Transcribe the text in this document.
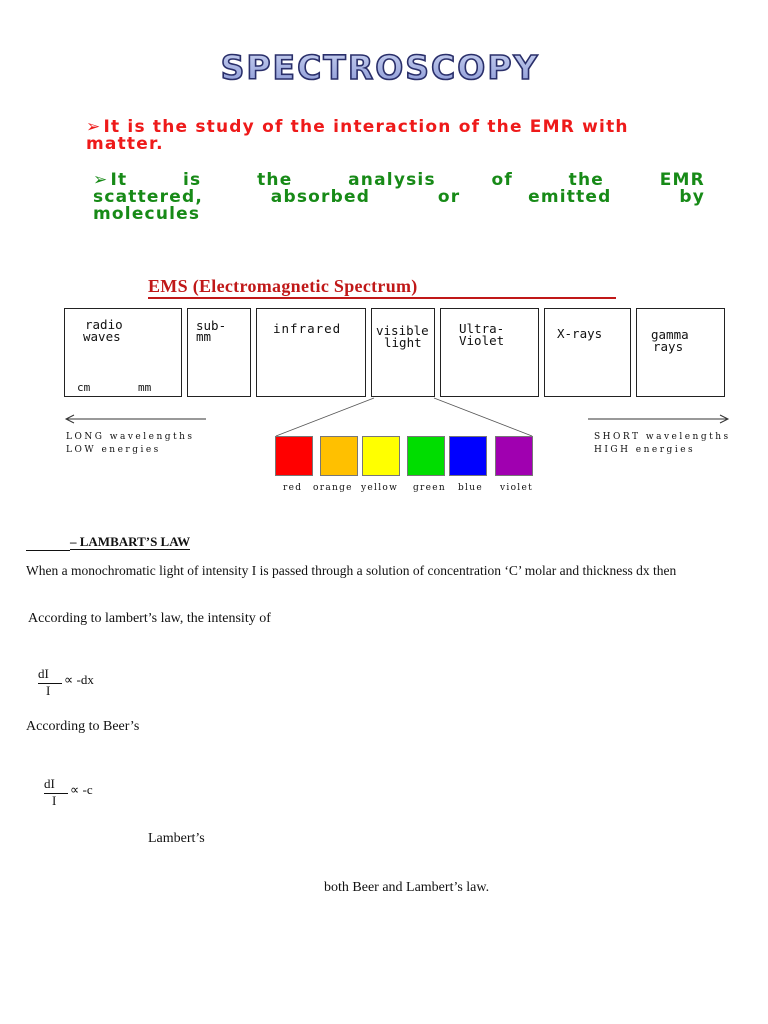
SPECTROSCOPY
➢ It is the study of the interaction of the EMR with matter.
➢ It	is	the	analysis	of	the	EMR
scattered,	absorbed	or	emitted	by
molecules
EMS (Electromagnetic Spectrum)
radio
waves
cm	mm
sub-
mm
infrared	visible
light
Ultra-
Violet	X-rays	gamma
rays
LONG wavelengths
LOW energies
SHORT wavelengths
HIGH energies
red orange yellow green blue violet
– LAMBART’S LAW
When a monochromatic light of intensity I is passed through a solution of concentration ‘C’ molar and thickness dx then
According to lambert’s law, the intensity of
dI
I
∝ -dx
According to Beer’s
dI
I
∝ -c
Lambert’s
both Beer and Lambert’s law.
